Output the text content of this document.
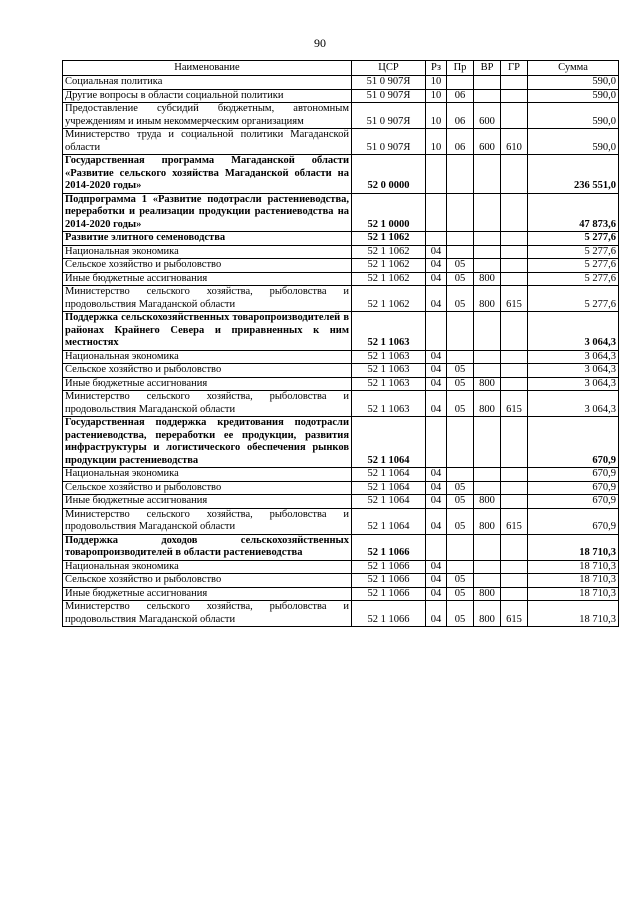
90
Наименование	ЦСР	Рз	Пр	ВР	ГР	Сумма
Социальная политика	51 0 907Я	10				590,0
Другие вопросы в области социальной политики	51 0 907Я	10	06			590,0
Предоставление субсидий бюджетным, автономным учреждениям и иным некоммерческим организациям	51 0 907Я	10	06	600		590,0
Министерство труда и социальной политики Магаданской области	51 0 907Я	10	06	600	610	590,0
Государственная программа Магаданской области «Развитие сельского хозяйства Магаданской области на 2014-2020 годы»	52 0 0000					236 551,0
Подпрограмма 1 «Развитие подотрасли растениеводства, переработки и реализации продукции растениеводства на 2014-2020 годы»	52 1 0000					47 873,6
Развитие элитного семеноводства	52 1 1062					5 277,6
Национальная экономика	52 1 1062	04				5 277,6
Сельское хозяйство и рыболовство	52 1 1062	04	05			5 277,6
Иные бюджетные ассигнования	52 1 1062	04	05	800		5 277,6
Министерство сельского хозяйства, рыболовства и продовольствия Магаданской области	52 1 1062	04	05	800	615	5 277,6
Поддержка сельскохозяйственных товаропроизводителей в районах Крайнего Севера и приравненных к ним местностях	52 1 1063					3 064,3
Национальная экономика	52 1 1063	04				3 064,3
Сельское хозяйство и рыболовство	52 1 1063	04	05			3 064,3
Иные бюджетные ассигнования	52 1 1063	04	05	800		3 064,3
Министерство сельского хозяйства, рыболовства и продовольствия Магаданской области	52 1 1063	04	05	800	615	3 064,3
Государственная поддержка кредитования подотрасли растениеводства, переработки ее продукции, развития инфраструктуры и логистического обеспечения рынков продукции растениеводства	52 1 1064					670,9
Национальная экономика	52 1 1064	04				670,9
Сельское хозяйство и рыболовство	52 1 1064	04	05			670,9
Иные бюджетные ассигнования	52 1 1064	04	05	800		670,9
Министерство сельского хозяйства, рыболовства и продовольствия Магаданской области	52 1 1064	04	05	800	615	670,9
Поддержка доходов сельскохозяйственных товаропроизводителей в области растениеводства	52 1 1066					18 710,3
Национальная экономика	52 1 1066	04				18 710,3
Сельское хозяйство и рыболовство	52 1 1066	04	05			18 710,3
Иные бюджетные ассигнования	52 1 1066	04	05	800		18 710,3
Министерство сельского хозяйства, рыболовства и продовольствия Магаданской области	52 1 1066	04	05	800	615	18 710,3
